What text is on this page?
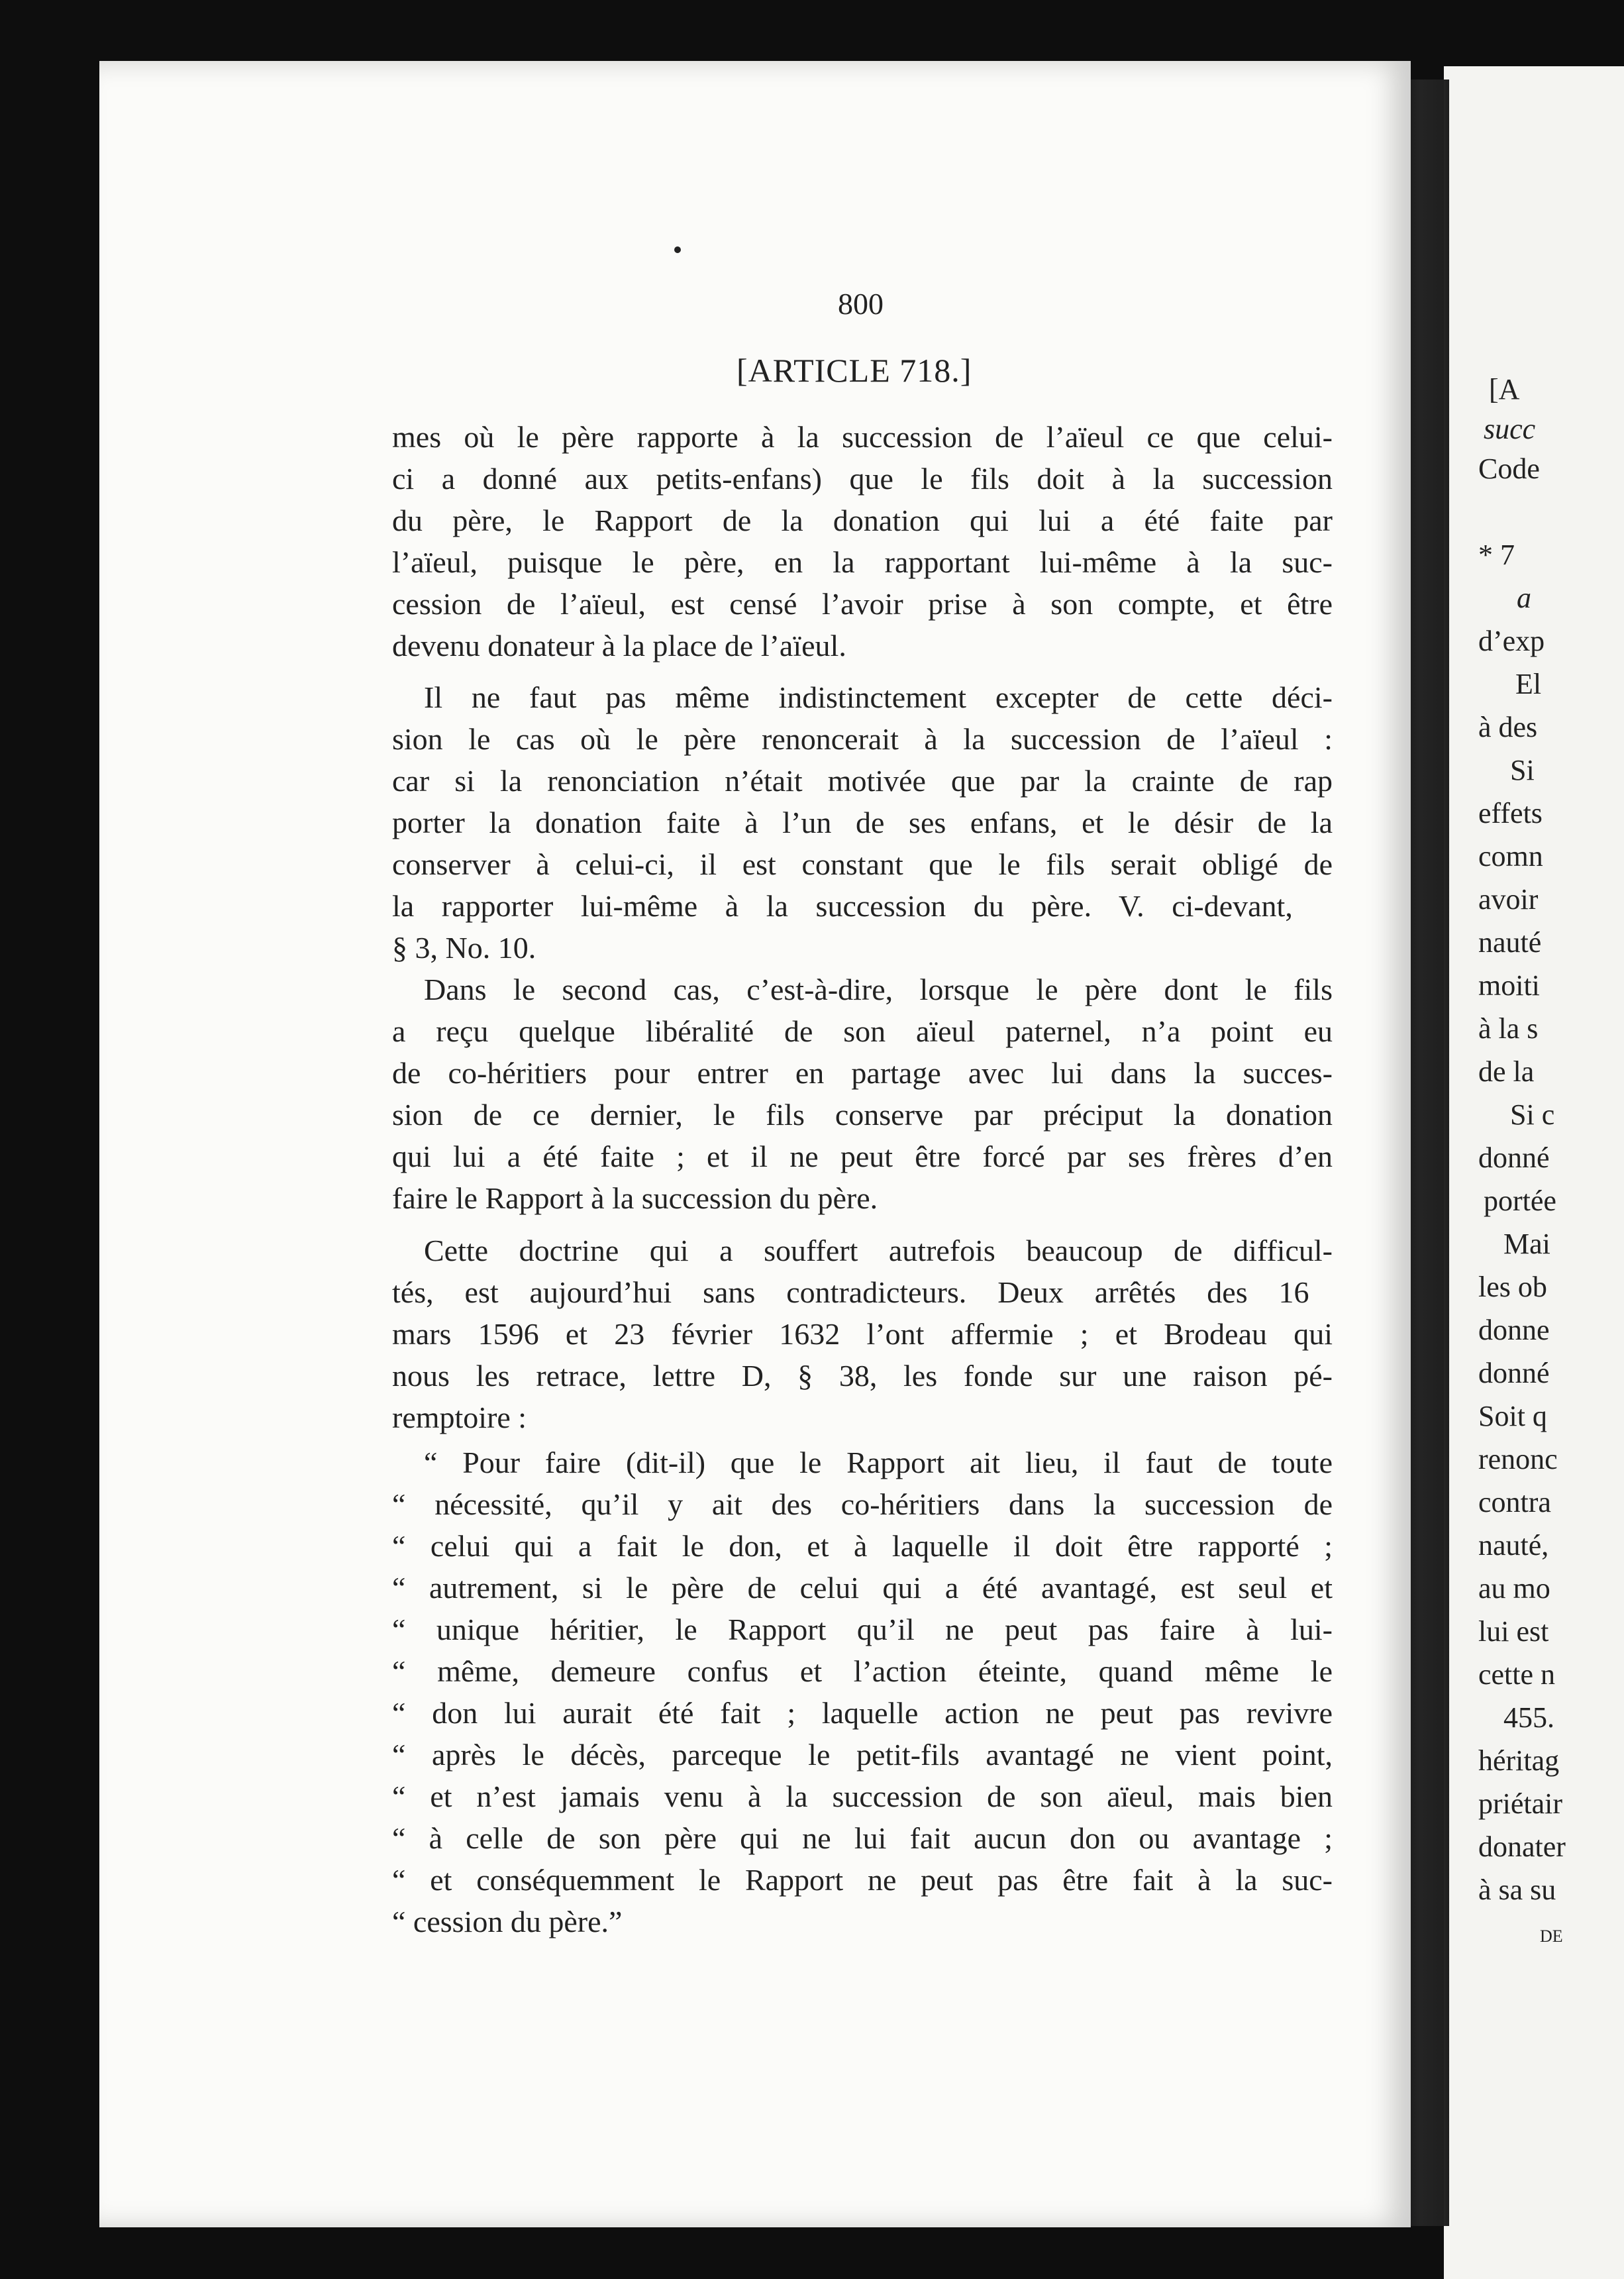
[A
succ
Code
* 7
a
d’exp
El
à des
Si
effets
comn
avoir
nauté
moiti
à la s
de la
Si c
donné
portée
Mai
les ob
donne
donné
Soit q
renonc
contra
nauté,
au mo
lui est
cette n
455.
héritag
priétair
donater
à sa su
DE
800
[ARTICLE 718.]
mes où le père rapporte à la succession de l’aïeul ce que celui-
ci a donné aux petits-enfans) que le fils doit à la succession
du père, le Rapport de la donation qui lui a été faite par
l’aïeul, puisque le père, en la rapportant lui-même à la suc-
cession de l’aïeul, est censé l’avoir prise à son compte, et être
devenu donateur à la place de l’aïeul.
Il ne faut pas même indistinctement excepter de cette déci-
sion le cas où le père renoncerait à la succession de l’aïeul :
car si la renonciation n’était motivée que par la crainte de rap
porter la donation faite à l’un de ses enfans, et le désir de la
conserver à celui-ci, il est constant que le fils serait obligé de
la rapporter lui-même à la succession du père. V. ci-devant,
§ 3, No. 10.
Dans le second cas, c’est-à-dire, lorsque le père dont le fils
a reçu quelque libéralité de son aïeul paternel, n’a point eu
de co-héritiers pour entrer en partage avec lui dans la succes-
sion de ce dernier, le fils conserve par préciput la donation
qui lui a été faite ; et il ne peut être forcé par ses frères d’en
faire le Rapport à la succession du père.
Cette doctrine qui a souffert autrefois beaucoup de difficul-
tés, est aujourd’hui sans contradicteurs. Deux arrêtés des 16
mars 1596 et 23 février 1632 l’ont affermie ; et Brodeau qui
nous les retrace, lettre D, § 38, les fonde sur une raison pé-
remptoire :
“ Pour faire (dit-il) que le Rapport ait lieu, il faut de toute
“ nécessité, qu’il y ait des co-héritiers dans la succession de
“ celui qui a fait le don, et à laquelle il doit être rapporté ;
“ autrement, si le père de celui qui a été avantagé, est seul et
“ unique héritier, le Rapport qu’il ne peut pas faire à lui-
“ même, demeure confus et l’action éteinte, quand même le
“ don lui aurait été fait ; laquelle action ne peut pas revivre
“ après le décès, parceque le petit-fils avantagé ne vient point,
“ et n’est jamais venu à la succession de son aïeul, mais bien
“ à celle de son père qui ne lui fait aucun don ou avantage ;
“ et conséquemment le Rapport ne peut pas être fait à la suc-
“ cession du père.”
